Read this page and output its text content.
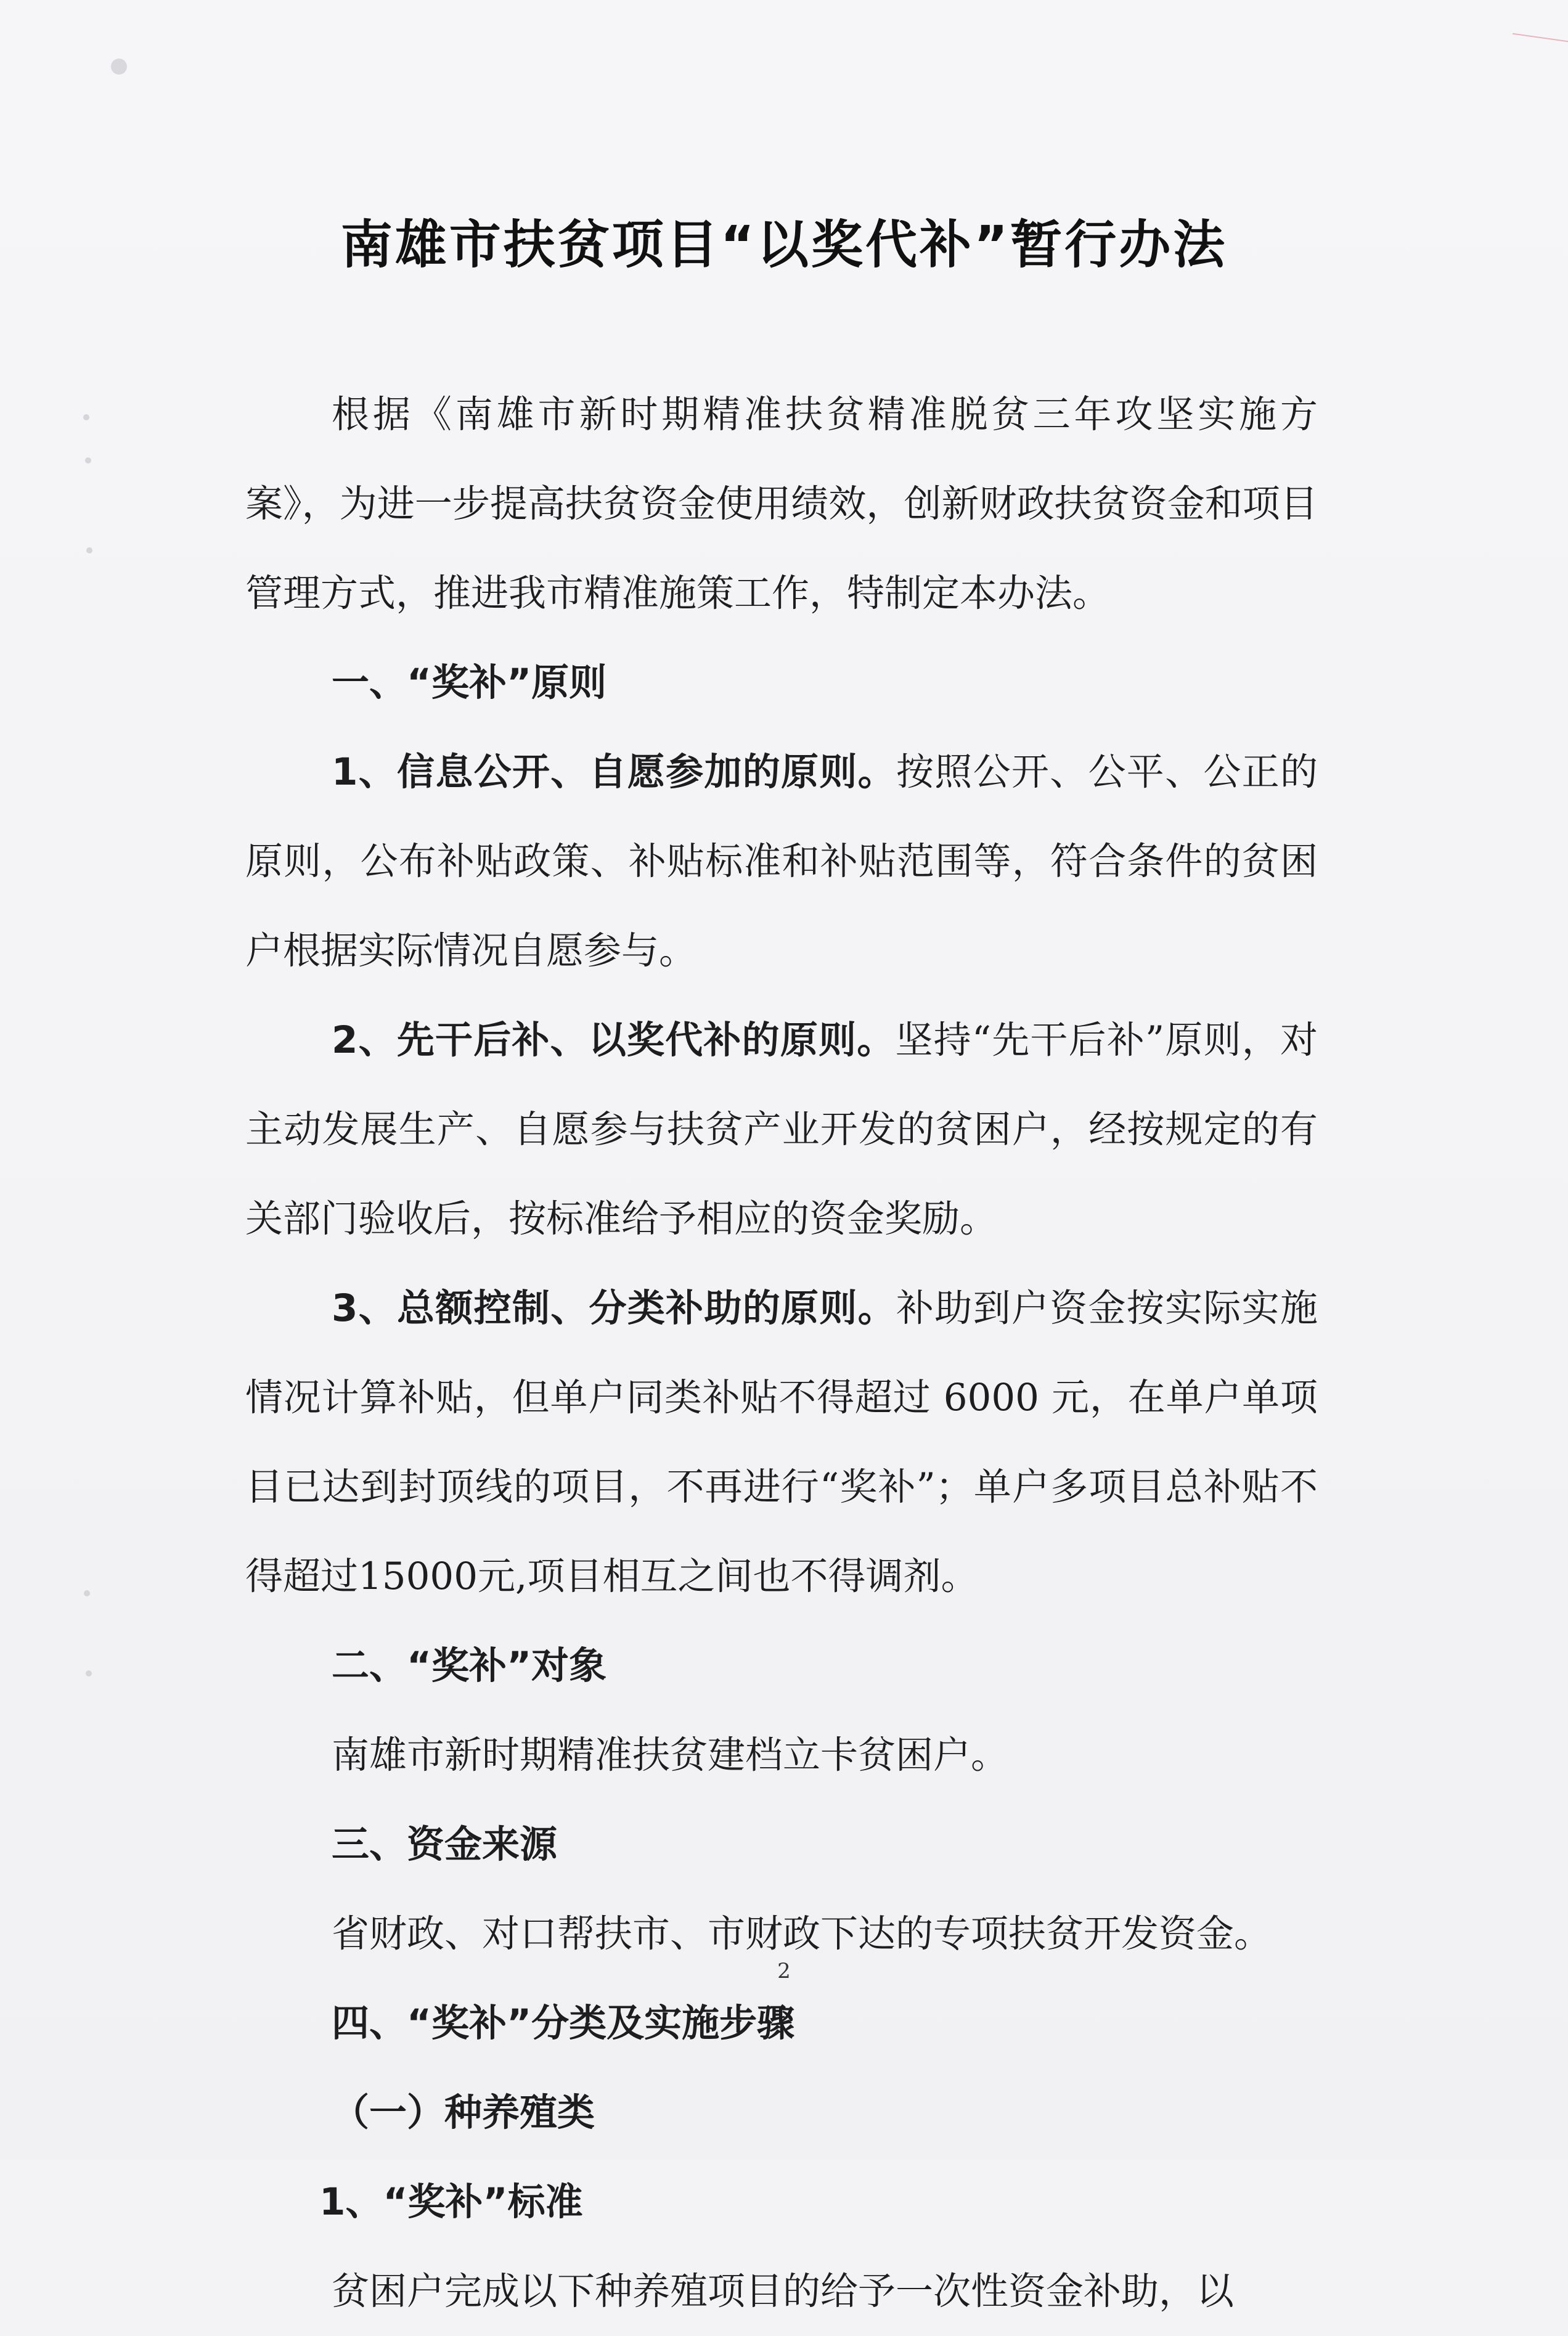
南雄市扶贫项目“以奖代补”暂行办法

根据《南雄市新时期精准扶贫精准脱贫三年攻坚实施方案》，为进一步提高扶贫资金使用绩效，创新财政扶贫资金和项目管理方式，推进我市精准施策工作，特制定本办法。

一、“奖补”原则

1、信息公开、自愿参加的原则。按照公开、公平、公正的原则，公布补贴政策、补贴标准和补贴范围等，符合条件的贫困户根据实际情况自愿参与。

2、先干后补、以奖代补的原则。坚持“先干后补”原则，对主动发展生产、自愿参与扶贫产业开发的贫困户，经按规定的有关部门验收后，按标准给予相应的资金奖励。

3、总额控制、分类补助的原则。补助到户资金按实际实施情况计算补贴，但单户同类补贴不得超过 6000 元，在单户单项目已达到封顶线的项目，不再进行“奖补”；单户多项目总补贴不得超过15000元,项目相互之间也不得调剂。

二、“奖补”对象

南雄市新时期精准扶贫建档立卡贫困户。

三、资金来源

省财政、对口帮扶市、市财政下达的专项扶贫开发资金。

四、“奖补”分类及实施步骤

（一）种养殖类

1、“奖补”标准

贫困户完成以下种养殖项目的给予一次性资金补助，以

2
